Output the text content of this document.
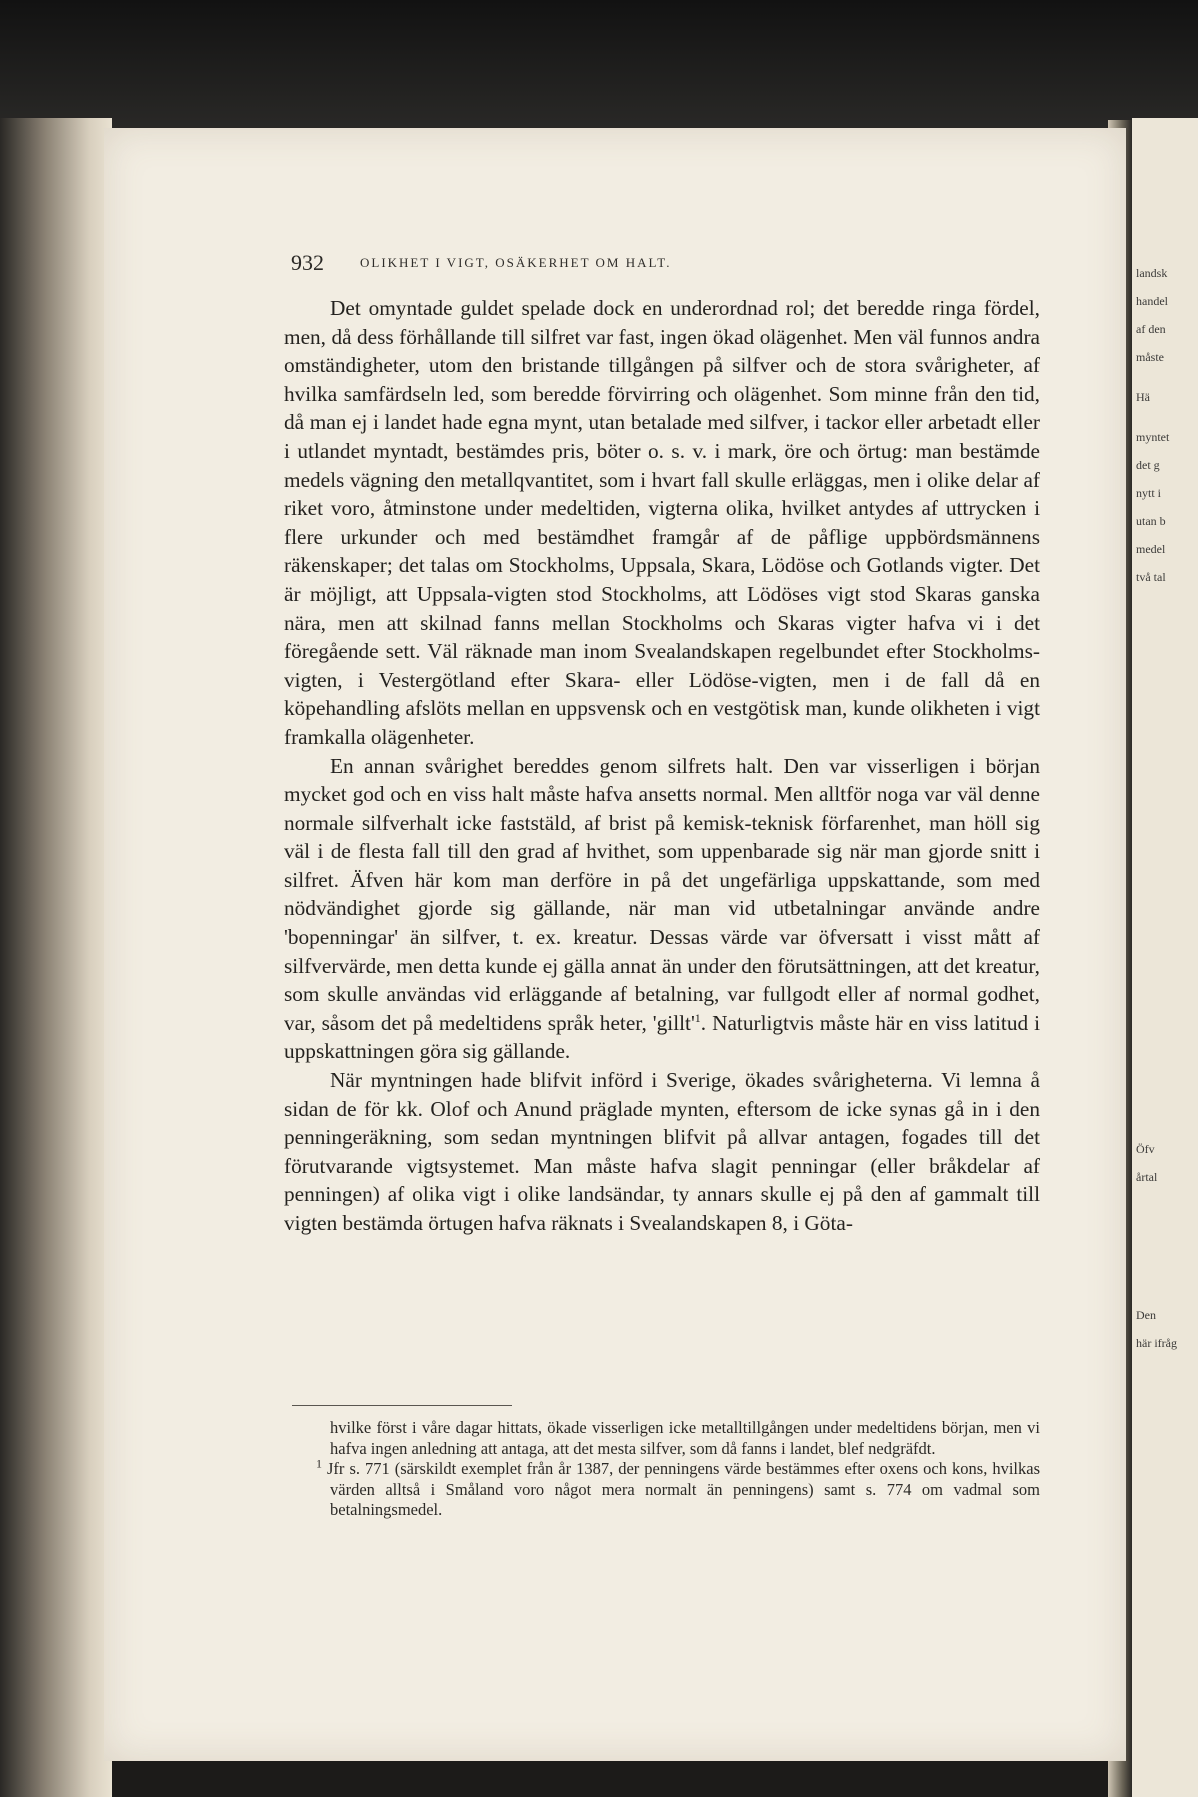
landsk
handel
af den
måste
Hä
myntet
det g
nytt i
utan b
medel
två tal
Öfv
årtal
Den
här ifråg
932	OLIKHET I VIGT, OSÄKERHET OM HALT.

Det omyntade guldet spelade dock en underordnad rol; det beredde ringa fördel, men, då dess förhållande till silfret var fast, ingen ökad olägenhet. Men väl funnos andra omständigheter, utom den bristande tillgången på silfver och de stora svårigheter, af hvilka samfärdseln led, som beredde förvirring och olägenhet. Som minne från den tid, då man ej i landet hade egna mynt, utan betalade med silfver, i tackor eller arbetadt eller i utlandet myntadt, bestämdes pris, böter o. s. v. i mark, öre och örtug: man bestämde medels vägning den metallqvantitet, som i hvart fall skulle erläggas, men i olike delar af riket voro, åtminstone under medeltiden, vigterna olika, hvilket antydes af uttrycken i flere urkunder och med bestämdhet framgår af de påflige uppbördsmännens räkenskaper; det talas om Stockholms, Uppsala, Skara, Lödöse och Gotlands vigter. Det är möjligt, att Uppsala-vigten stod Stockholms, att Lödöses vigt stod Skaras ganska nära, men att skilnad fanns mellan Stockholms och Skaras vigter hafva vi i det föregående sett. Väl räknade man inom Svealandskapen regelbundet efter Stockholms-vigten, i Vestergötland efter Skara- eller Lödöse-vigten, men i de fall då en köpehandling afslöts mellan en uppsvensk och en vestgötisk man, kunde olikheten i vigt framkalla olägenheter.

En annan svårighet bereddes genom silfrets halt. Den var visserligen i början mycket god och en viss halt måste hafva ansetts normal. Men alltför noga var väl denne normale silfverhalt icke faststäld, af brist på kemisk-teknisk förfarenhet, man höll sig väl i de flesta fall till den grad af hvithet, som uppenbarade sig när man gjorde snitt i silfret. Äfven här kom man derföre in på det ungefärliga uppskattande, som med nödvändighet gjorde sig gällande, när man vid utbetalningar använde andre 'bopenningar' än silfver, t. ex. kreatur. Dessas värde var öfversatt i visst mått af silfvervärde, men detta kunde ej gälla annat än under den förutsättningen, att det kreatur, som skulle användas vid erläggande af betalning, var fullgodt eller af normal godhet, var, såsom det på medeltidens språk heter, '$gillt'^1$. Naturligtvis måste här en viss latitud i uppskattningen göra sig gällande.

När myntningen hade blifvit införd i Sverige, ökades svårigheterna. Vi lemna å sidan de för kk. Olof och Anund präglade mynten, eftersom de icke synas gå in i den penningeräkning, som sedan myntningen blifvit på allvar antagen, fogades till det förutvarande vigtsystemet. Man måste hafva slagit penningar (eller bråkdelar af penningen) af olika vigt i olike landsändar, ty annars skulle ej på den af gammalt till vigten bestämda örtugen hafva räknats i Svealandskapen 8, i Göta-

hvilke först i våre dagar hittats, ökade visserligen icke metalltillgången under medeltidens början, men vi hafva ingen anledning att antaga, att det mesta silfver, som då fanns i landet, blef nedgräfdt.

$^1$ Jfr s. 771 (särskildt exemplet från år 1387, der penningens värde bestämmes efter oxens och kons, hvilkas värden alltså i Småland voro något mera normalt än penningens) samt s. 774 om vadmal som betalningsmedel.
